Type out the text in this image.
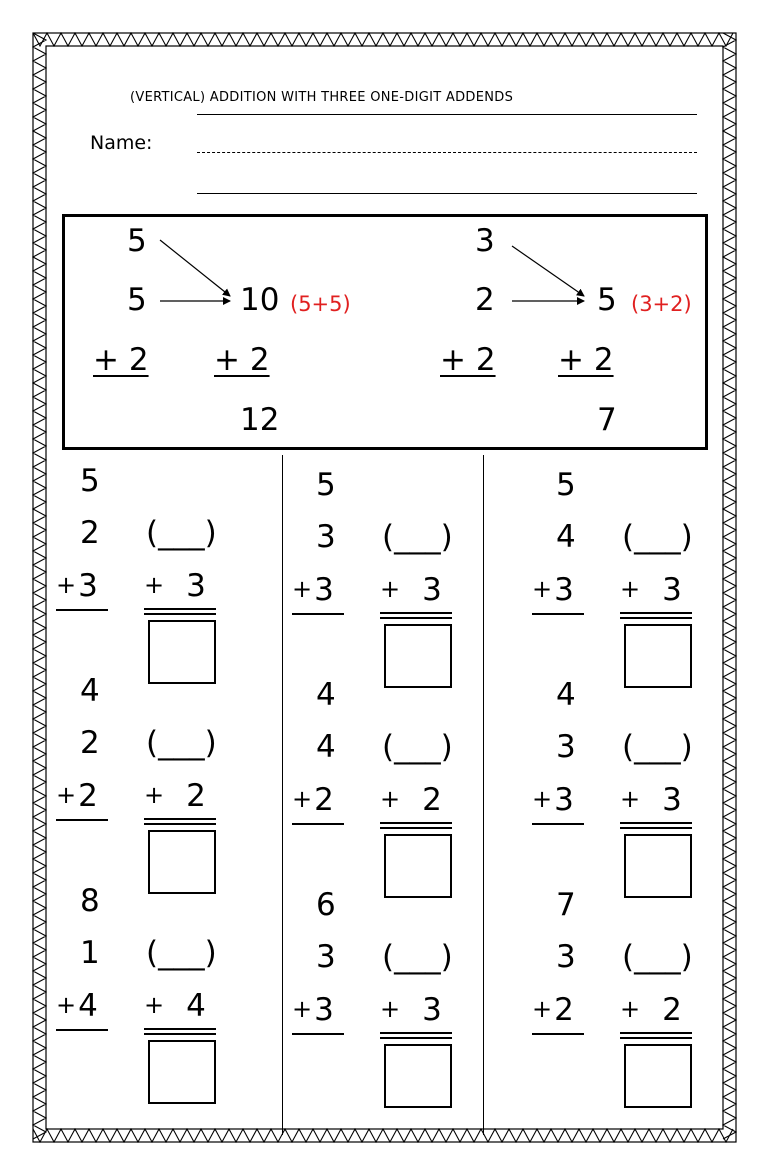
(VERTICAL) ADDITION WITH THREE ONE-DIGIT ADDENDS
Name:
5
5
+ 2
10 (5+5)
+ 2
12
3
2
+ 2
5 (3+2)
+ 2
7
5
2
+3
(___)
+ 3
5
3
+3
(___)
+ 3
5
4
+3
(___)
+ 3
4
2
+2
(___)
+ 2
4
4
+2
(___)
+ 2
4
3
+3
(___)
+ 3
8
1
+4
(___)
+ 4
6
3
+3
(___)
+ 3
7
3
+2
(___)
+ 2
